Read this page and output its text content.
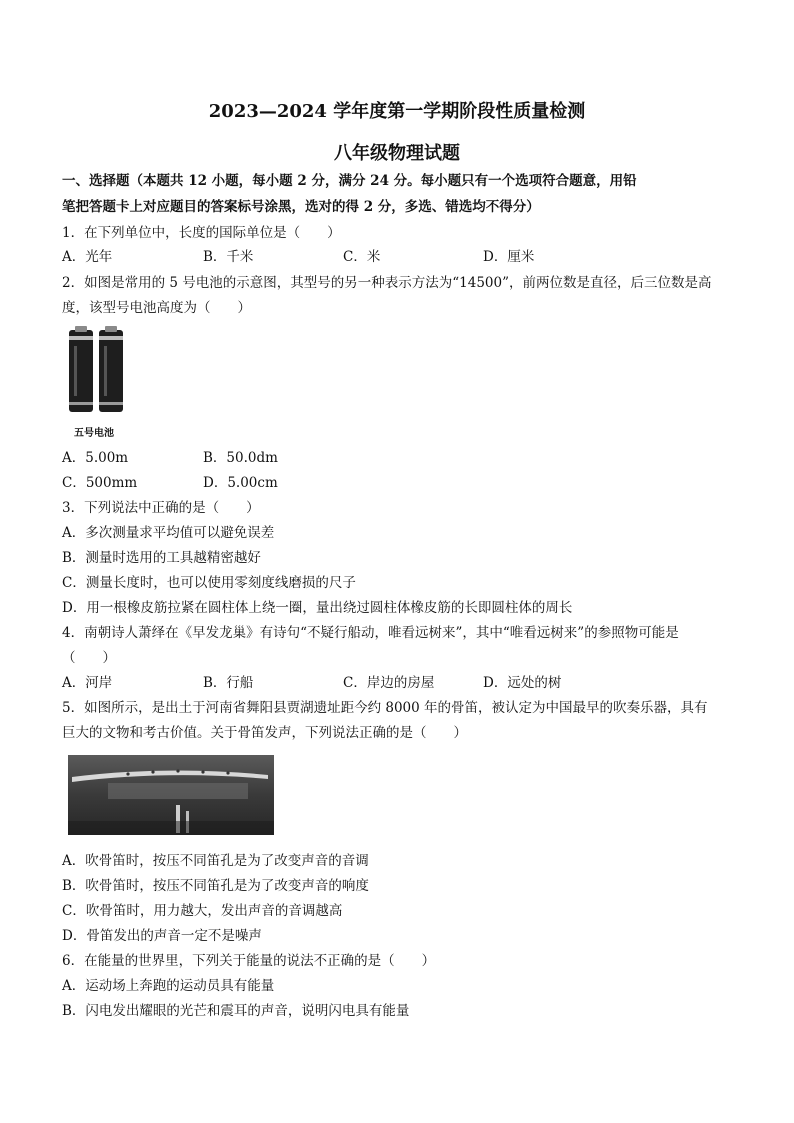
2023—2024 学年度第一学期阶段性质量检测
八年级物理试题
一、选择题（本题共 12 小题，每小题 2 分，满分 24 分。每小题只有一个选项符合题意，用铅
笔把答题卡上对应题目的答案标号涂黑，选对的得 2 分，多选、错选均不得分）
1．在下列单位中，长度的国际单位是（　　）
A．光年	B．千米	C．米	D．厘米
2．如图是常用的 5 号电池的示意图，其型号的另一种表示方法为“14500”，前两位数是直径，后三位数是高
度，该型号电池高度为（　　）
五号电池
A．5.00m	B．50.0dm
C．500mm	D．5.00cm
3．下列说法中正确的是（　　）
A．多次测量求平均值可以避免误差
B．测量时选用的工具越精密越好
C．测量长度时，也可以使用零刻度线磨损的尺子
D．用一根橡皮筋拉紧在圆柱体上绕一圈，量出绕过圆柱体橡皮筋的长即圆柱体的周长
4．南朝诗人萧绎在《早发龙巢》有诗句“不疑行船动，唯看远树来”，其中“唯看远树来”的参照物可能是
（　　）
A．河岸	B．行船	C．岸边的房屋	D．远处的树
5．如图所示，是出土于河南省舞阳县贾湖遗址距今约 8000 年的骨笛，被认定为中国最早的吹奏乐器，具有
巨大的文物和考古价值。关于骨笛发声，下列说法正确的是（　　）
A．吹骨笛时，按压不同笛孔是为了改变声音的音调
B．吹骨笛时，按压不同笛孔是为了改变声音的响度
C．吹骨笛时，用力越大，发出声音的音调越高
D．骨笛发出的声音一定不是噪声
6．在能量的世界里，下列关于能量的说法不正确的是（　　）
A．运动场上奔跑的运动员具有能量
B．闪电发出耀眼的光芒和震耳的声音，说明闪电具有能量
